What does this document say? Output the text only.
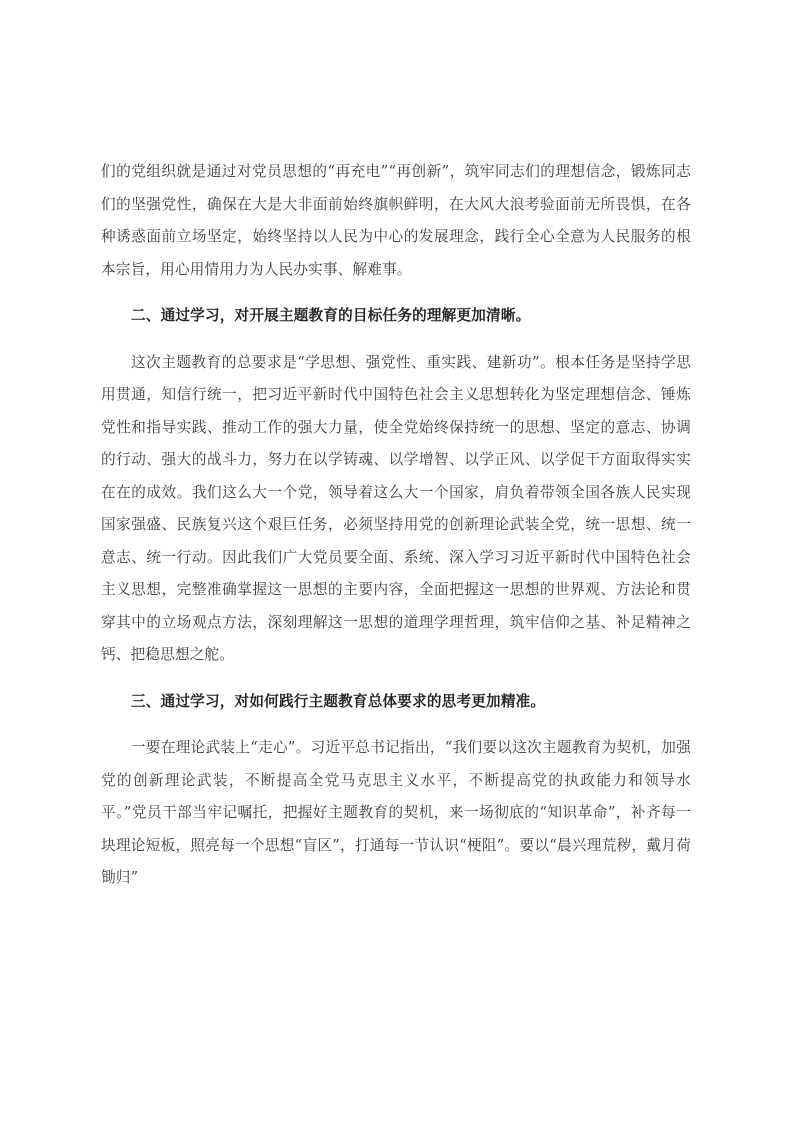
们的党组织就是通过对党员思想的“再充电”“再创新”，筑牢同志们的理想信念，锻炼同志们的坚强党性，确保在大是大非面前始终旗帜鲜明，在大风大浪考验面前无所畏惧，在各种诱惑面前立场坚定，始终坚持以人民为中心的发展理念，践行全心全意为人民服务的根本宗旨，用心用情用力为人民办实事、解难事。

二、通过学习，对开展主题教育的目标任务的理解更加清晰。

这次主题教育的总要求是“学思想、强党性、重实践、建新功”。根本任务是坚持学思用贯通，知信行统一，把习近平新时代中国特色社会主义思想转化为坚定理想信念、锤炼党性和指导实践、推动工作的强大力量，使全党始终保持统一的思想、坚定的意志、协调的行动、强大的战斗力，努力在以学铸魂、以学增智、以学正风、以学促干方面取得实实在在的成效。我们这么大一个党，领导着这么大一个国家，肩负着带领全国各族人民实现国家强盛、民族复兴这个艰巨任务，必须坚持用党的创新理论武装全党，统一思想、统一意志、统一行动。因此我们广大党员要全面、系统、深入学习习近平新时代中国特色社会主义思想，完整准确掌握这一思想的主要内容，全面把握这一思想的世界观、方法论和贯穿其中的立场观点方法，深刻理解这一思想的道理学理哲理，筑牢信仰之基、补足精神之钙、把稳思想之舵。

三、通过学习，对如何践行主题教育总体要求的思考更加精准。

一要在理论武装上“走心”。习近平总书记指出，“我们要以这次主题教育为契机，加强党的创新理论武装，不断提高全党马克思主义水平，不断提高党的执政能力和领导水平。”党员干部当牢记嘱托，把握好主题教育的契机，来一场彻底的“知识革命”，补齐每一块理论短板，照亮每一个思想“盲区”，打通每一节认识“梗阻”。要以“晨兴理荒秽，戴月荷锄归”
